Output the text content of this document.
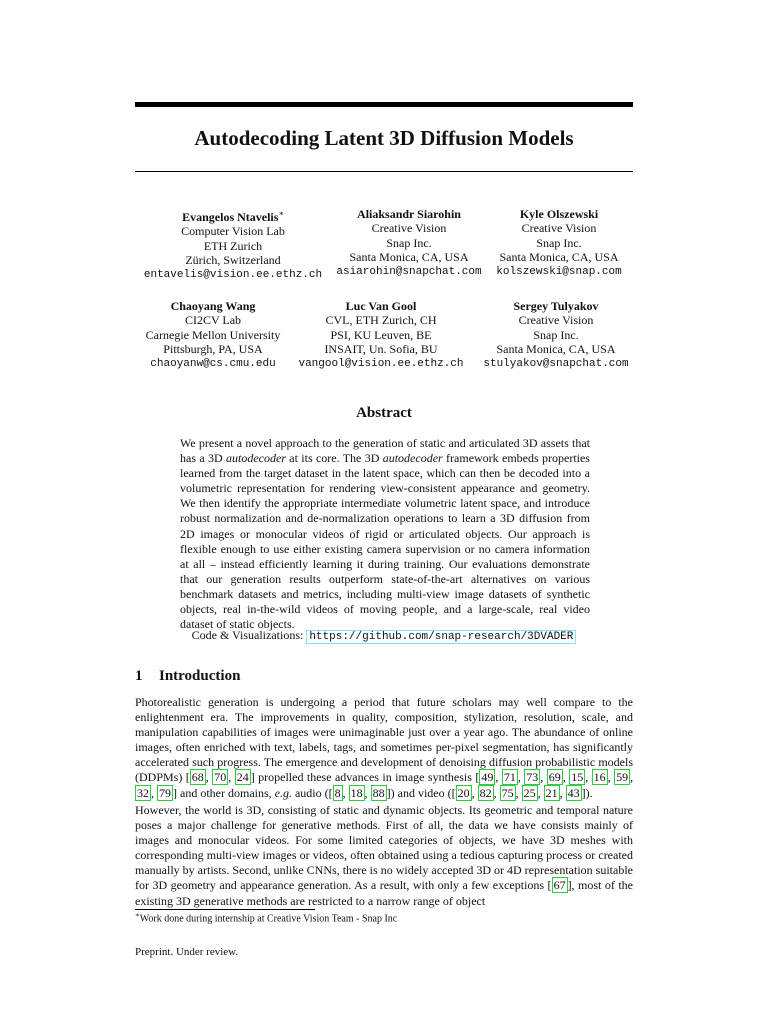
Autodecoding Latent 3D Diffusion Models
Evangelos Ntavelis∗
Computer Vision Lab
ETH Zurich
Zürich, Switzerland
entavelis@vision.ee.ethz.ch
Aliaksandr Siarohin
Creative Vision
Snap Inc.
Santa Monica, CA, USA
asiarohin@snapchat.com
Kyle Olszewski
Creative Vision
Snap Inc.
Santa Monica, CA, USA
kolszewski@snap.com
Chaoyang Wang
CI2CV Lab
Carnegie Mellon University
Pittsburgh, PA, USA
chaoyanw@cs.cmu.edu
Luc Van Gool
CVL, ETH Zurich, CH
PSI, KU Leuven, BE
INSAIT, Un. Sofia, BU
vangool@vision.ee.ethz.ch
Sergey Tulyakov
Creative Vision
Snap Inc.
Santa Monica, CA, USA
stulyakov@snapchat.com
Abstract
We present a novel approach to the generation of static and articulated 3D assets that has a 3D autodecoder at its core. The 3D autodecoder framework embeds properties learned from the target dataset in the latent space, which can then be decoded into a volumetric representation for rendering view-consistent appearance and geometry. We then identify the appropriate intermediate volumetric latent space, and introduce robust normalization and de-normalization operations to learn a 3D diffusion from 2D images or monocular videos of rigid or articulated objects. Our approach is flexible enough to use either existing camera supervision or no camera information at all – instead efficiently learning it during training. Our evaluations demonstrate that our generation results outperform state-of-the-art alternatives on various benchmark datasets and metrics, including multi-view image datasets of synthetic objects, real in-the-wild videos of moving people, and a large-scale, real video dataset of static objects.
Code & Visualizations: https://github.com/snap-research/3DVADER
1 Introduction
Photorealistic generation is undergoing a period that future scholars may well compare to the enlightenment era. The improvements in quality, composition, stylization, resolution, scale, and manipulation capabilities of images were unimaginable just over a year ago. The abundance of online images, often enriched with text, labels, tags, and sometimes per-pixel segmentation, has significantly accelerated such progress. The emergence and development of denoising diffusion probabilistic models (DDPMs) [ 68 , 70 , 24 ] propelled these advances in image synthesis [ 49 , 71 , 73 , 69 , 15 , 16 , 59 , 32 , 79 ] and other domains, e.g. audio ([ 8 , 18 , 88 ]) and video ([ 20 , 82 , 75 , 25 , 21 , 43 ]).
However, the world is 3D, consisting of static and dynamic objects. Its geometric and temporal nature poses a major challenge for generative methods. First of all, the data we have consists mainly of images and monocular videos. For some limited categories of objects, we have 3D meshes with corresponding multi-view images or videos, often obtained using a tedious capturing process or created manually by artists. Second, unlike CNNs, there is no widely accepted 3D or 4D representation suitable for 3D geometry and appearance generation. As a result, with only a few exceptions [ 67 ], most of the existing 3D generative methods are restricted to a narrow range of object
∗Work done during internship at Creative Vision Team - Snap Inc
Preprint. Under review.
